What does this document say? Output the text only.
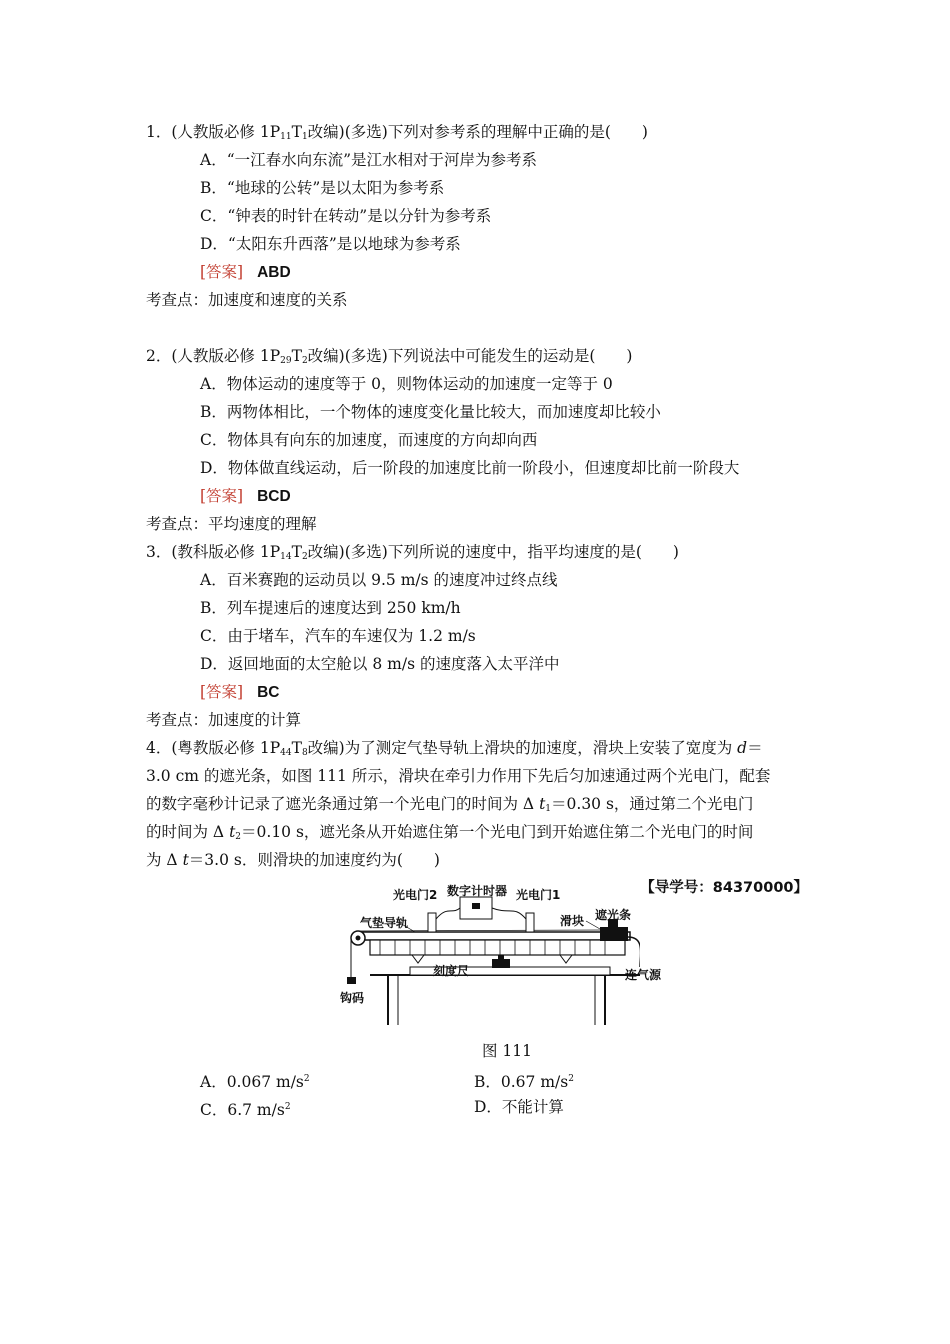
1．(人教版必修 $1P_{11}T_1$改编)(多选)下列对参考系的理解中正确的是(　　)
A．“一江春水向东流”是江水相对于河岸为参考系
B．“地球的公转”是以太阳为参考系
C．“钟表的时针在转动”是以分针为参考系
D．“太阳东升西落”是以地球为参考系
[答案] ABD
考查点：加速度和速度的关系
2．(人教版必修 $1P_{29}T_2$改编)(多选)下列说法中可能发生的运动是(　　)
A．物体运动的速度等于 0，则物体运动的加速度一定等于 0
B．两物体相比，一个物体的速度变化量比较大，而加速度却比较小
C．物体具有向东的加速度，而速度的方向却向西
D．物体做直线运动，后一阶段的加速度比前一阶段小，但速度却比前一阶段大
[答案] BCD
考查点：平均速度的理解
3．(教科版必修 $1P_{14}T_2$改编)(多选)下列所说的速度中，指平均速度的是(　　)
A．百米赛跑的运动员以 9.5 m/s 的速度冲过终点线
B．列车提速后的速度达到 250 km/h
C．由于堵车，汽车的车速仅为 1.2 m/s
D．返回地面的太空舱以 8 m/s 的速度落入太平洋中
[答案] BC
考查点：加速度的计算
4．(粤教版必修 $1P_{44}T_8$改编)为了测定气垫导轨上滑块的加速度，滑块上安装了宽度为 d＝
3.0 cm 的遮光条，如图 111 所示，滑块在牵引力作用下先后匀加速通过两个光电门，配套
的数字毫秒计记录了遮光条通过第一个光电门的时间为 Δ $t_1=0.30$ s，通过第二个光电门
的时间为 Δ $t_2=0.10$ s，遮光条从开始遮住第一个光电门到开始遮住第二个光电门的时间
为 Δ t＝3.0 s．则滑块的加速度约为(　　)
【导学号：84370000】
光电门2 数字计时器 光电门1
气垫导轨	滑块 遮光条
刻度尺	连气源
钩码
图 111
A．0.067 $m/s^2$	B．0.67 $m/s^2$
C．6.7 $m/s^2$	D．不能计算
